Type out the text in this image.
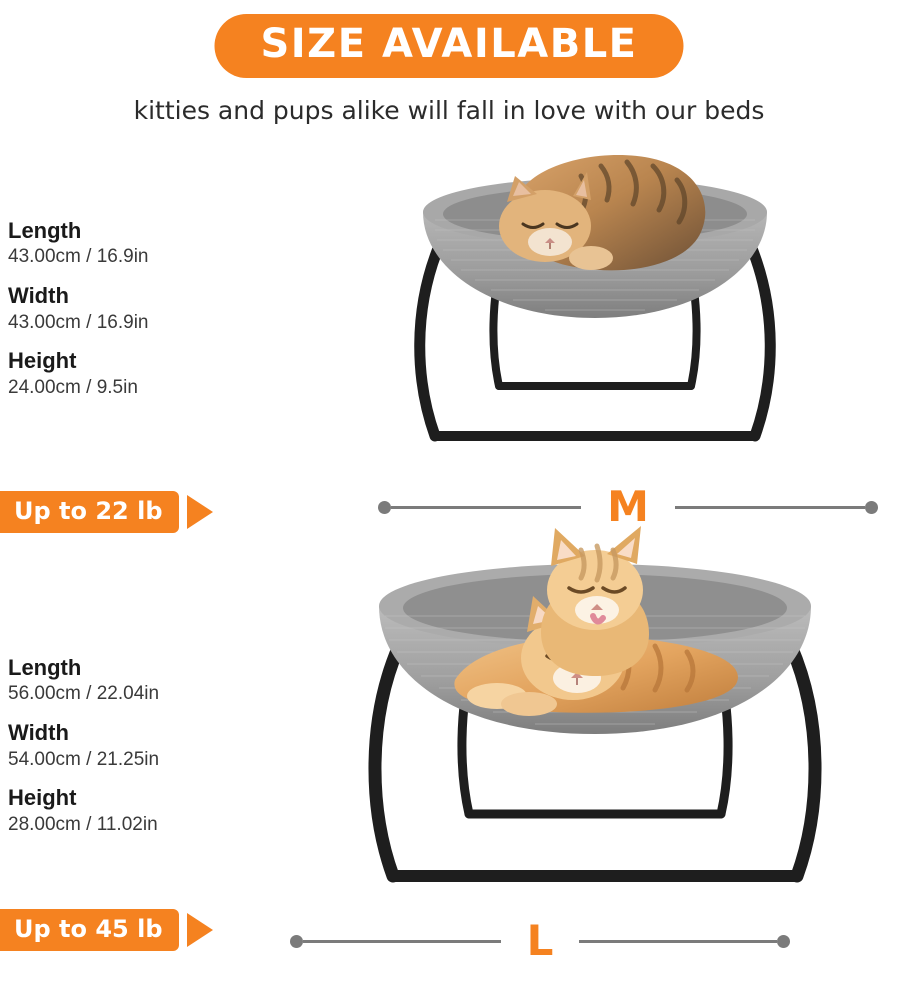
SIZE AVAILABLE
kitties and pups alike will fall in love with our beds
Length
43.00cm / 16.9in
Width
43.00cm / 16.9in
Height
24.00cm / 9.5in
Up to 22 lb
Length
56.00cm / 22.04in
Width
54.00cm / 21.25in
Height
28.00cm / 11.02in
Up to 45 lb
M
L
